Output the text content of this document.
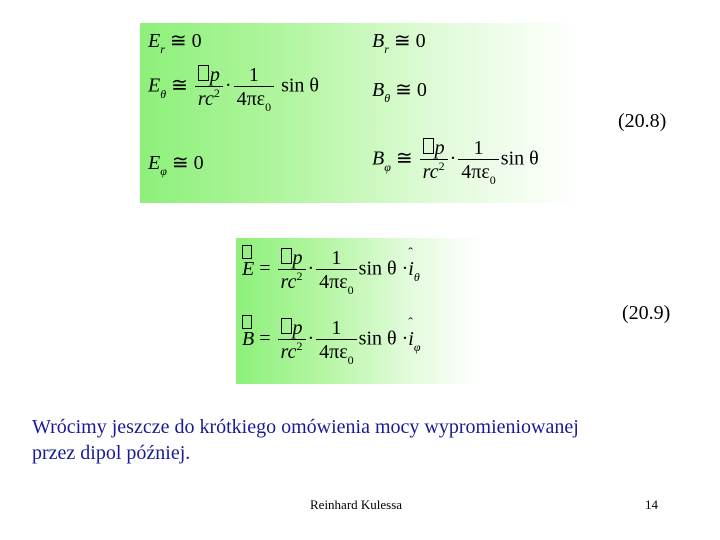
$E_r$ ≅ 0	$B_r$ ≅ 0
$E_\theta$ ≅ $\frac{p}{rc^2} \cdot \frac{1}{4\pi\varepsilon_0}$ sin θ	$B_\theta$ ≅ 0
$E_\varphi$ ≅ 0	$B_\varphi$ ≅ $\frac{p}{rc^2} \cdot \frac{1}{4\pi\varepsilon_0}$ sin θ
(20.8)
$E = \frac{p}{rc^2} \cdot \frac{1}{4\pi\varepsilon_0}$ sin θ ·
ˆ
$i_\theta$
$B = \frac{p}{rc^2} \cdot \frac{1}{4\pi\varepsilon_0}$ sin θ ·
ˆ
$i_\varphi$
(20.9)
Wrócimy jeszcze do krótkiego omówienia mocy wypromieniowanej
przez dipol później.
Reinhard Kulessa	14
